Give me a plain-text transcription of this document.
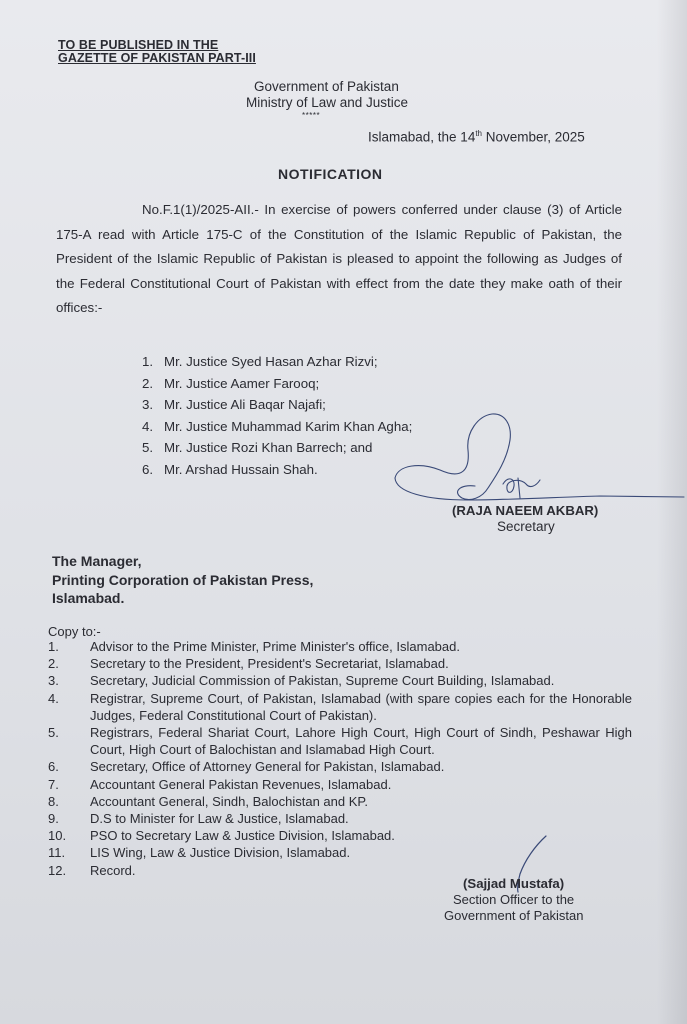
TO BE PUBLISHED IN THE
GAZETTE OF PAKISTAN PART-III
Government of Pakistan
Ministry of Law and Justice
*****
Islamabad, the 14th November, 2025
NOTIFICATION
No.F.1(1)/2025-AII.- In exercise of powers conferred under clause (3) of Article 175-A read with Article 175-C of the Constitution of the Islamic Republic of Pakistan, the President of the Islamic Republic of Pakistan is pleased to appoint the following as Judges of the Federal Constitutional Court of Pakistan with effect from the date they make oath of their offices:-
1. Mr. Justice Syed Hasan Azhar Rizvi;
2. Mr. Justice Aamer Farooq;
3. Mr. Justice Ali Baqar Najafi;
4. Mr. Justice Muhammad Karim Khan Agha;
5. Mr. Justice Rozi Khan Barrech; and
6. Mr. Arshad Hussain Shah.
(RAJA NAEEM AKBAR)
Secretary
The Manager,
Printing Corporation of Pakistan Press,
Islamabad.
Copy to:-
1.	Advisor to the Prime Minister, Prime Minister's office, Islamabad.
2.	Secretary to the President, President's Secretariat, Islamabad.
3.	Secretary, Judicial Commission of Pakistan, Supreme Court Building, Islamabad.
4.	Registrar, Supreme Court, of Pakistan, Islamabad (with spare copies each for the Honorable Judges, Federal Constitutional Court of Pakistan).
5.	Registrars, Federal Shariat Court, Lahore High Court, High Court of Sindh, Peshawar High Court, High Court of Balochistan and Islamabad High Court.
6.	Secretary, Office of Attorney General for Pakistan, Islamabad.
7.	Accountant General Pakistan Revenues, Islamabad.
8.	Accountant General, Sindh, Balochistan and KP.
9.	D.S to Minister for Law & Justice, Islamabad.
10.	PSO to Secretary Law & Justice Division, Islamabad.
11.	LIS Wing, Law & Justice Division, Islamabad.
12.	Record.
(Sajjad Mustafa)
Section Officer to the
Government of Pakistan
